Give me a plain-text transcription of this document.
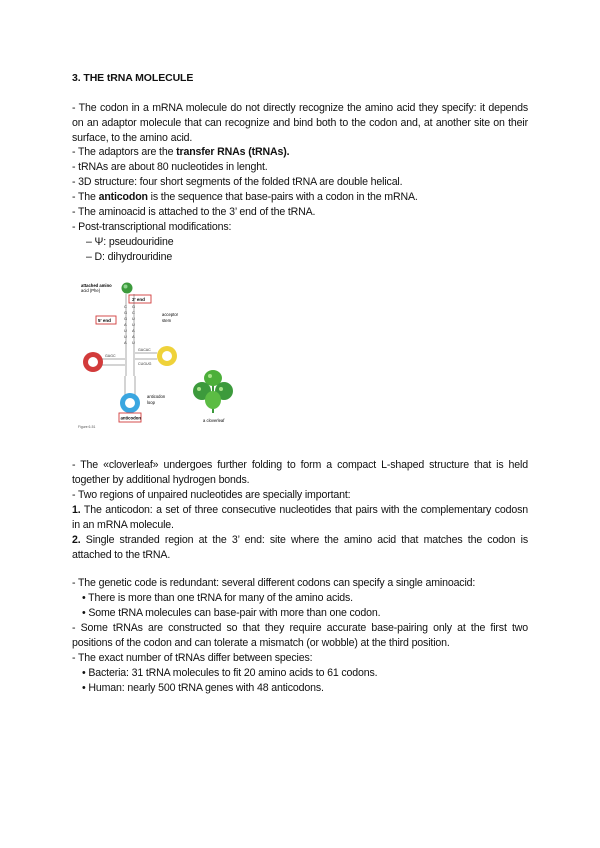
3. THE tRNA MOLECULE
- The codon in a mRNA molecule do not directly recognize the amino acid they specify: it depends on an adaptor molecule that can recognize and bind both to the codon and, at another site on their surface, to the amino acid.
- The adaptors are the transfer RNAs (tRNAs).
- tRNAs are about 80 nucleotides in lenght.
- 3D structure: four short segments of the folded tRNA are double helical.
- The anticodon is the sequence that base-pairs with a codon in the mRNA.
- The aminoacid is attached to the 3’ end of the tRNA.
- Post-transcriptional modifications:
– Ψ: pseudouridine
– D: dihydrouridine
- The «cloverleaf» undergoes further folding to form a compact L-shaped structure that is held together by additional hydrogen bonds.
- Two regions of unpaired nucleotides are specially important:
1. The anticodon: a set of three consecutive nucleotides that pairs with the complementary codosn in an mRNA molecule.
2. Single stranded region at the 3’ end: site where the amino acid that matches the codon is attached to the tRNA.
- The genetic code is redundant: several different codons can specify a single aminoacid:
• There is more than one tRNA for many of the amino acids.
• Some tRNA molecules can base-pair with more than one codon.
- Some tRNAs are constructed so that they require accurate base-pairing only at the first two positions of the codon and can tolerate a mismatch (or wobble) at the third position.
- The exact number of tRNAs differ between species:
• Bacteria: 31 tRNA molecules to fit 20 amino acids to 61 codons.
• Human: nearly 500 tRNA genes with 48 anticodons.
attached amino
acid (Phe)
3' end
5' end
acceptor
stem
C G
G C
G U
A U
U A
U A
A U
GAGC
GACAC
CUGUG
anticodon
anticodon
loop
a cloverleaf
Figure 6-51
